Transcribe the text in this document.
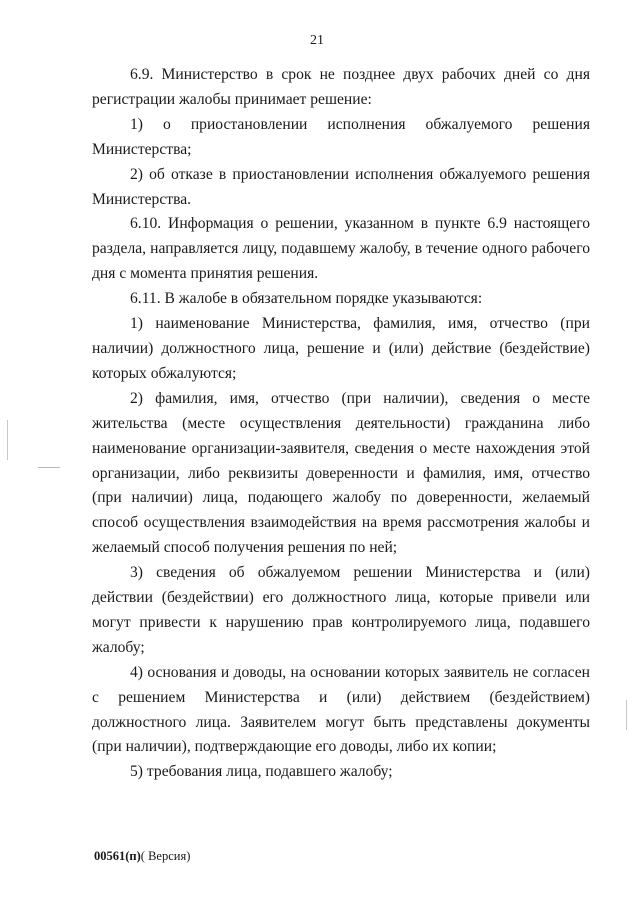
21

6.9. Министерство в срок не позднее двух рабочих дней со дня регистрации жалобы принимает решение:

1) о приостановлении исполнения обжалуемого решения Министерства;

2) об отказе в приостановлении исполнения обжалуемого решения Министерства.

6.10. Информация о решении, указанном в пункте 6.9 настоящего раздела, направляется лицу, подавшему жалобу, в течение одного рабочего дня с момента принятия решения.

6.11. В жалобе в обязательном порядке указываются:

1) наименование Министерства, фамилия, имя, отчество (при наличии) должностного лица, решение и (или) действие (бездействие) которых обжалуются;

2) фамилия, имя, отчество (при наличии), сведения о месте жительства (месте осуществления деятельности) гражданина либо наименование организации-заявителя, сведения о месте нахождения этой организации, либо реквизиты доверенности и фамилия, имя, отчество (при наличии) лица, подающего жалобу по доверенности, желаемый способ осуществления взаимодействия на время рассмотрения жалобы и желаемый способ получения решения по ней;

3) сведения об обжалуемом решении Министерства и (или) действии (бездействии) его должностного лица, которые привели или могут привести к нарушению прав контролируемого лица, подавшего жалобу;

4) основания и доводы, на основании которых заявитель не согласен с решением Министерства и (или) действием (бездействием) должностного лица. Заявителем могут быть представлены документы (при наличии), подтверждающие его доводы, либо их копии;

5) требования лица, подавшего жалобу;

00561(п)( Версия)
